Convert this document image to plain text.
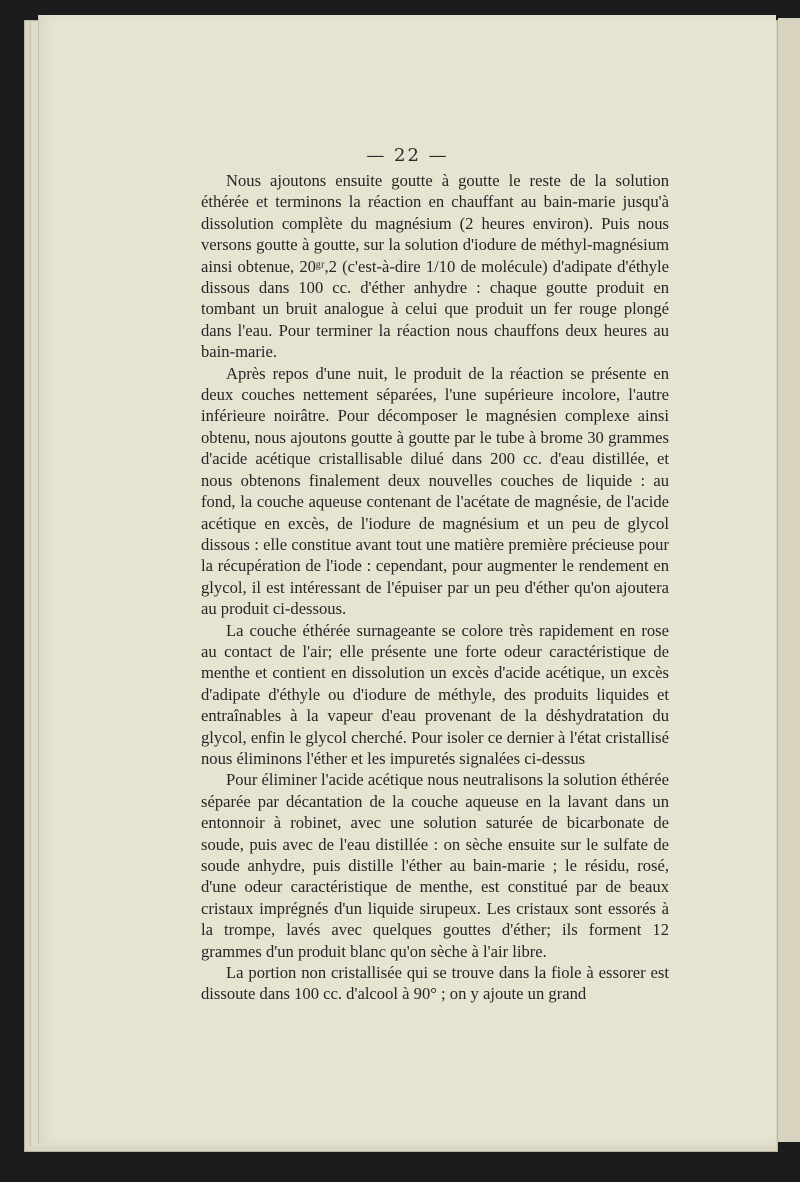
— 22 —

Nous ajoutons ensuite goutte à goutte le reste de la solution éthérée et terminons la réaction en chauffant au bain-marie jusqu'à dissolution complète du magnésium (2 heures environ). Puis nous versons goutte à goutte, sur la solution d'iodure de méthyl-magnésium ainsi obtenue, 20ᵍʳ,2 (c'est-à-dire 1/10 de molécule) d'adipate d'éthyle dissous dans 100 cc. d'éther anhydre : chaque goutte produit en tombant un bruit analogue à celui que produit un fer rouge plongé dans l'eau. Pour terminer la réaction nous chauffons deux heures au bain-marie.

Après repos d'une nuit, le produit de la réaction se présente en deux couches nettement séparées, l'une supérieure incolore, l'autre inférieure noirâtre. Pour décomposer le magnésien complexe ainsi obtenu, nous ajoutons goutte à goutte par le tube à brome 30 grammes d'acide acétique cristallisable dilué dans 200 cc. d'eau distillée, et nous obtenons finalement deux nouvelles couches de liquide : au fond, la couche aqueuse contenant de l'acétate de magnésie, de l'acide acétique en excès, de l'iodure de magnésium et un peu de glycol dissous : elle constitue avant tout une matière première précieuse pour la récupération de l'iode : cependant, pour augmenter le rendement en glycol, il est intéressant de l'épuiser par un peu d'éther qu'on ajoutera au produit ci-dessous.

La couche éthérée surnageante se colore très rapidement en rose au contact de l'air; elle présente une forte odeur caractéristique de menthe et contient en dissolution un excès d'acide acétique, un excès d'adipate d'éthyle ou d'iodure de méthyle, des produits liquides et entraînables à la vapeur d'eau provenant de la déshydratation du glycol, enfin le glycol cherché. Pour isoler ce dernier à l'état cristallisé nous éliminons l'éther et les impuretés signalées ci-dessus

Pour éliminer l'acide acétique nous neutralisons la solution éthérée séparée par décantation de la couche aqueuse en la lavant dans un entonnoir à robinet, avec une solution saturée de bicarbonate de soude, puis avec de l'eau distillée : on sèche ensuite sur le sulfate de soude anhydre, puis distille l'éther au bain-marie ; le résidu, rosé, d'une odeur caractéristique de menthe, est constitué par de beaux cristaux imprégnés d'un liquide sirupeux. Les cristaux sont essorés à la trompe, lavés avec quelques gouttes d'éther; ils forment 12 grammes d'un produit blanc qu'on sèche à l'air libre.

La portion non cristallisée qui se trouve dans la fiole à essorer est dissoute dans 100 cc. d'alcool à 90° ; on y ajoute un grand
